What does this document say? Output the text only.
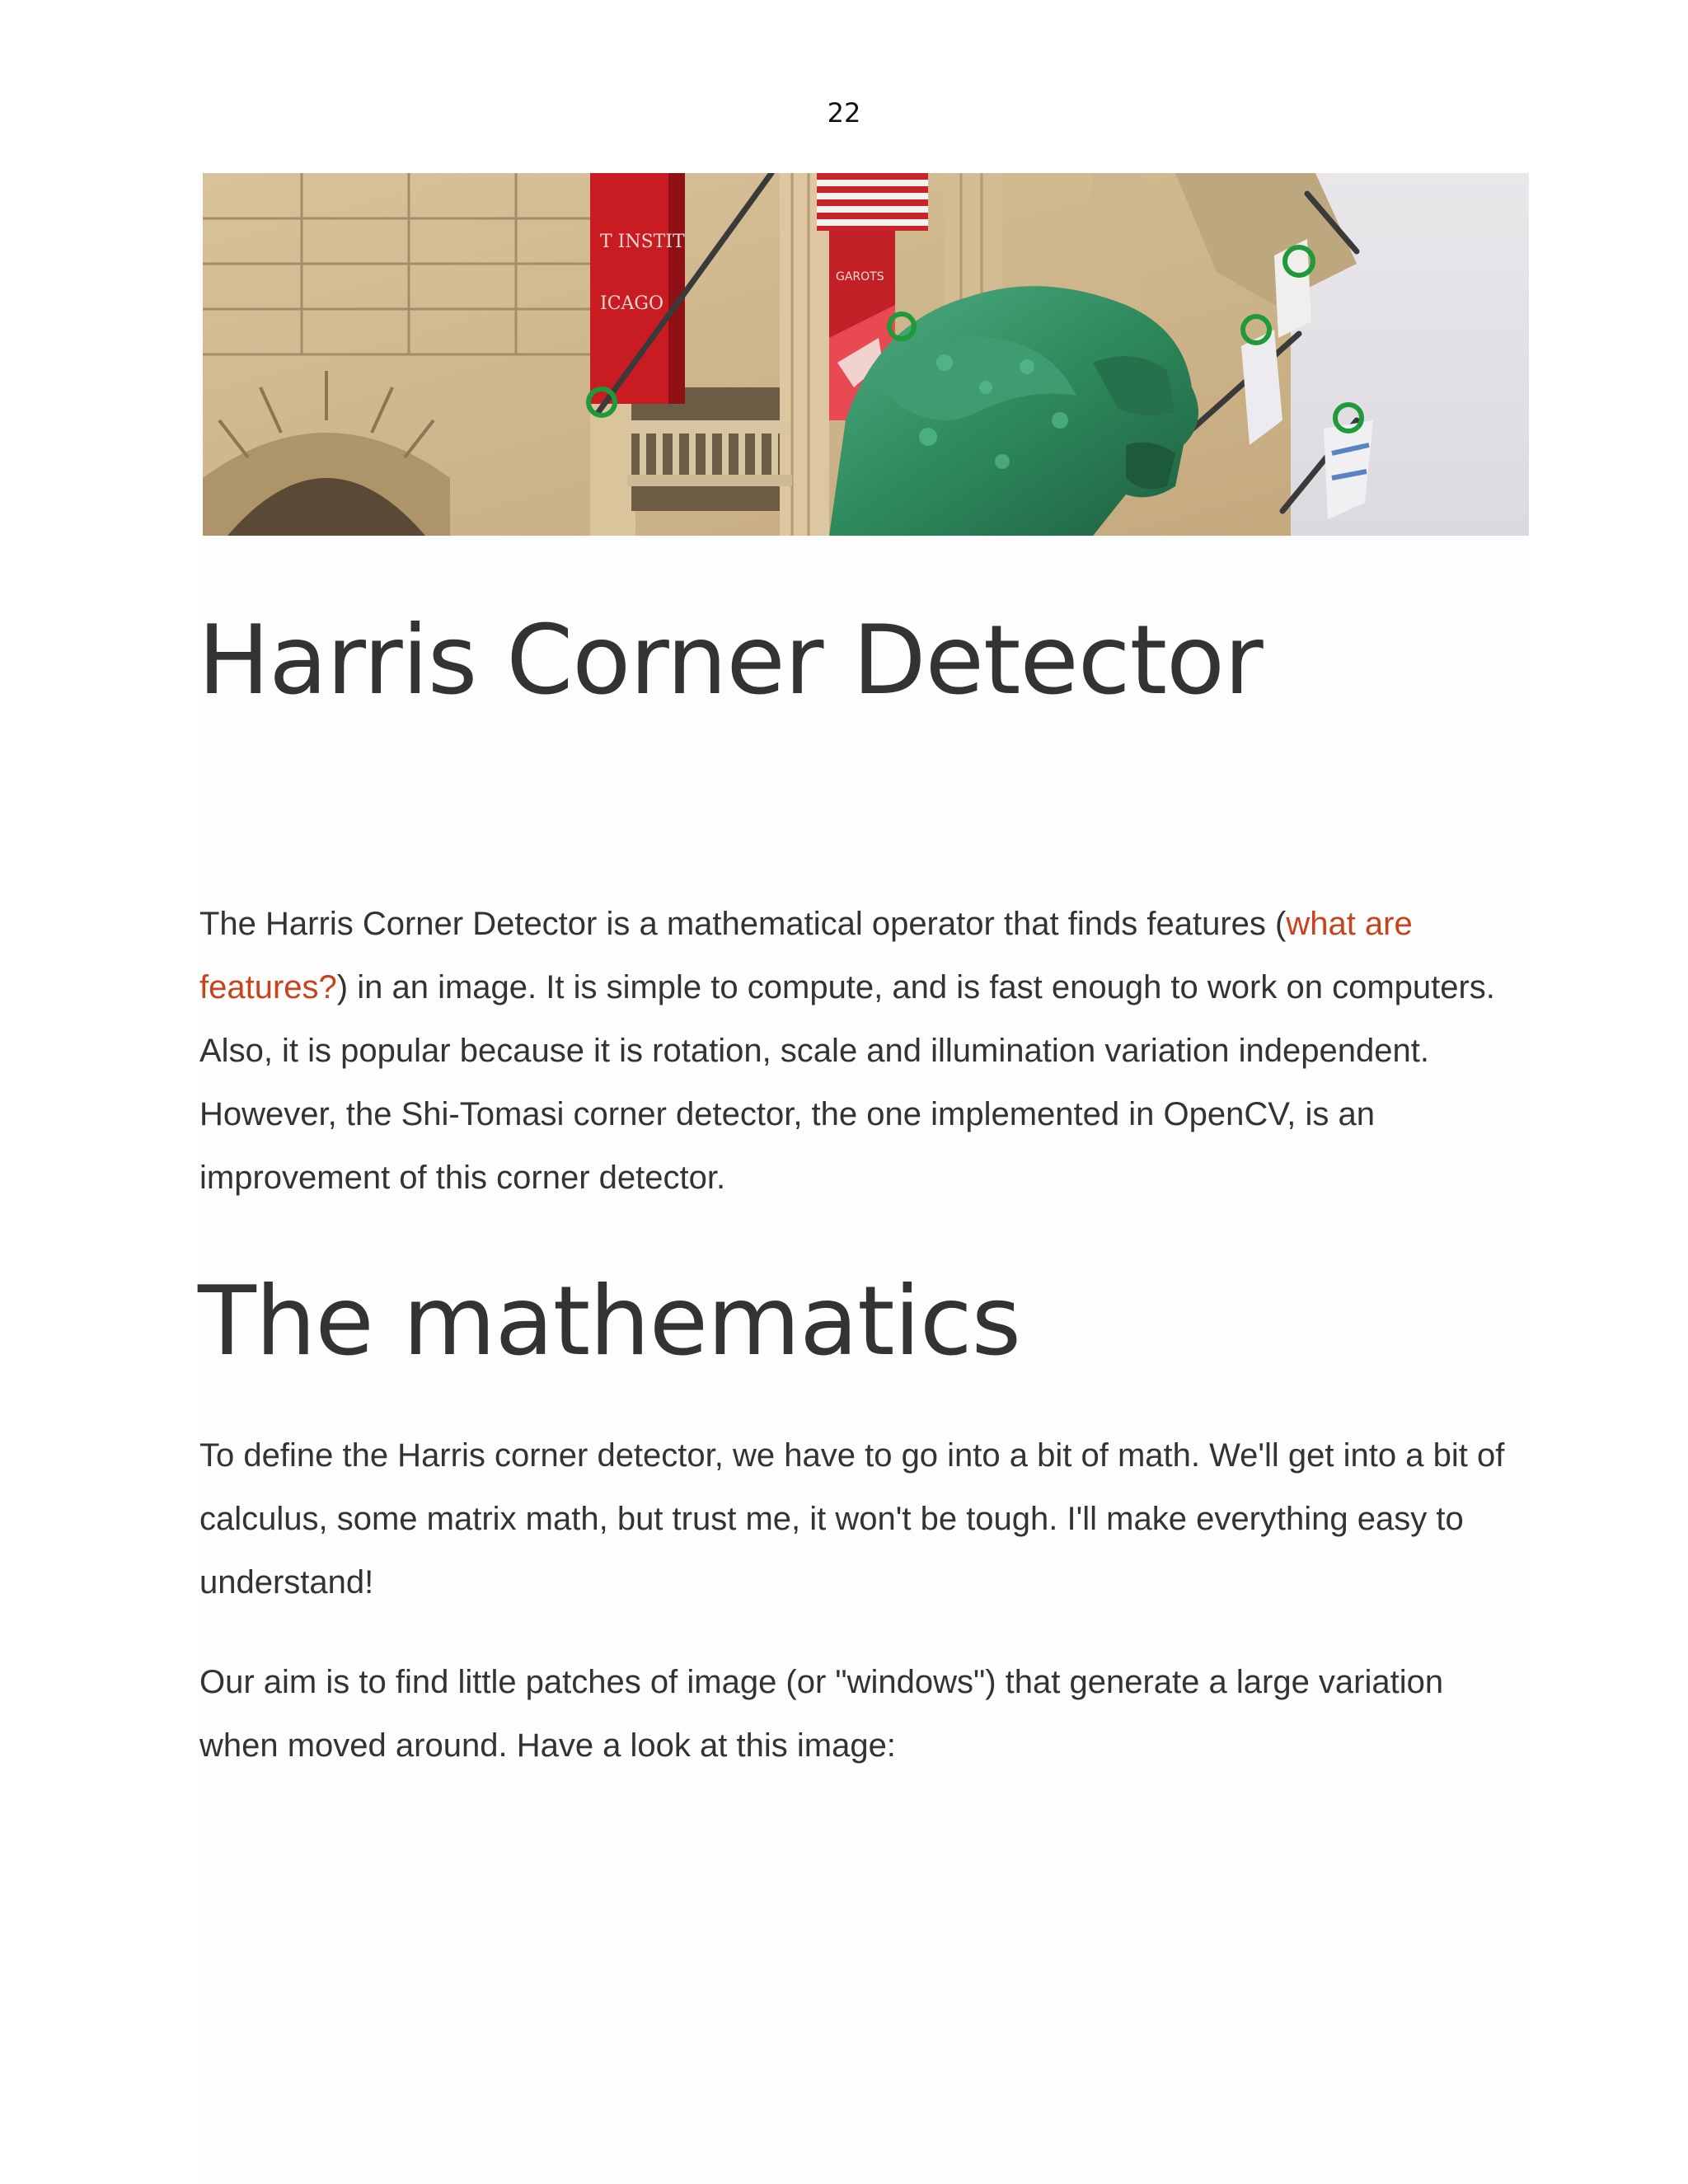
22
T INSTIT
ICAGO
GAROTS
Harris Corner Detector

The Harris Corner Detector is a mathematical operator that finds features (what are features?) in an image. It is simple to compute, and is fast enough to work on computers. Also, it is popular because it is rotation, scale and illumination variation independent. However, the Shi-Tomasi corner detector, the one implemented in OpenCV, is an improvement of this corner detector.

The mathematics

To define the Harris corner detector, we have to go into a bit of math. We'll get into a bit of calculus, some matrix math, but trust me, it won't be tough. I'll make everything easy to understand!

Our aim is to find little patches of image (or "windows") that generate a large variation when moved around. Have a look at this image:
